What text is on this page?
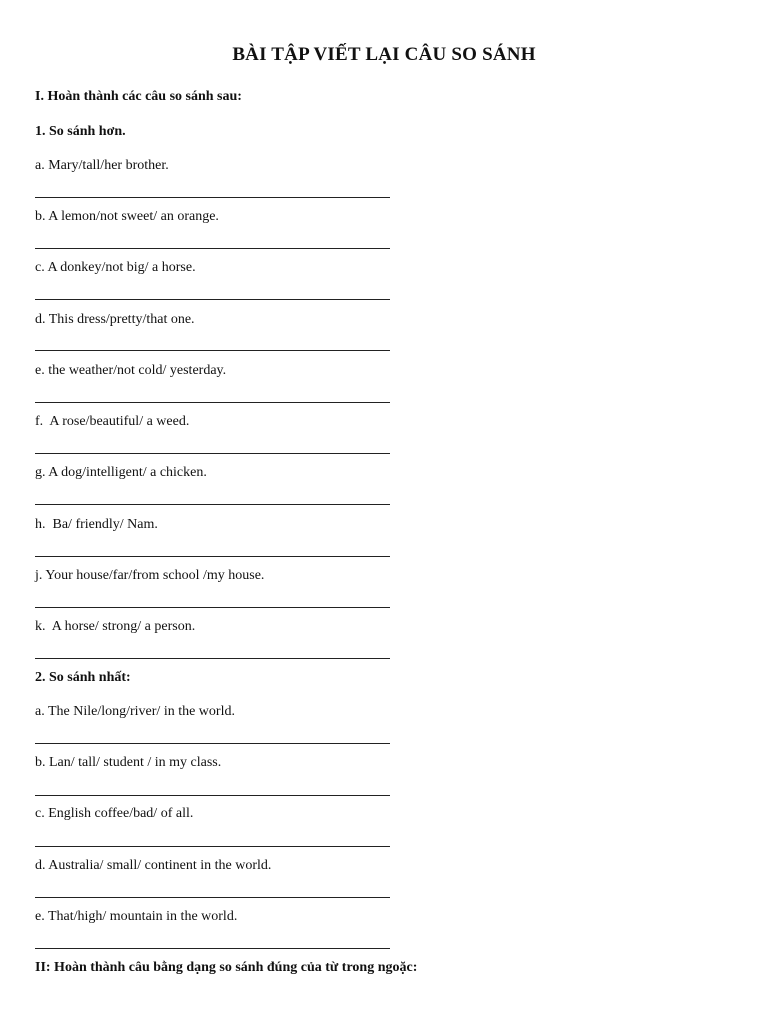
BÀI TẬP VIẾT LẠI CÂU SO SÁNH
I. Hoàn thành các câu so sánh sau:
1. So sánh hơn.
a. Mary/tall/her brother.
b. A lemon/not sweet/ an orange.
c. A donkey/not big/ a horse.
d. This dress/pretty/that one.
e. the weather/not cold/ yesterday.
f.  A rose/beautiful/ a weed.
g. A dog/intelligent/ a chicken.
h.  Ba/ friendly/ Nam.
j. Your house/far/from school /my house.
k.  A horse/ strong/ a person.
2. So sánh nhất:
a. The Nile/long/river/ in the world.
b. Lan/ tall/ student / in my class.
c. English coffee/bad/ of all.
d. Australia/ small/ continent in the world.
e. That/high/ mountain in the world.
II: Hoàn thành câu bằng dạng so sánh đúng của từ trong ngoặc:
